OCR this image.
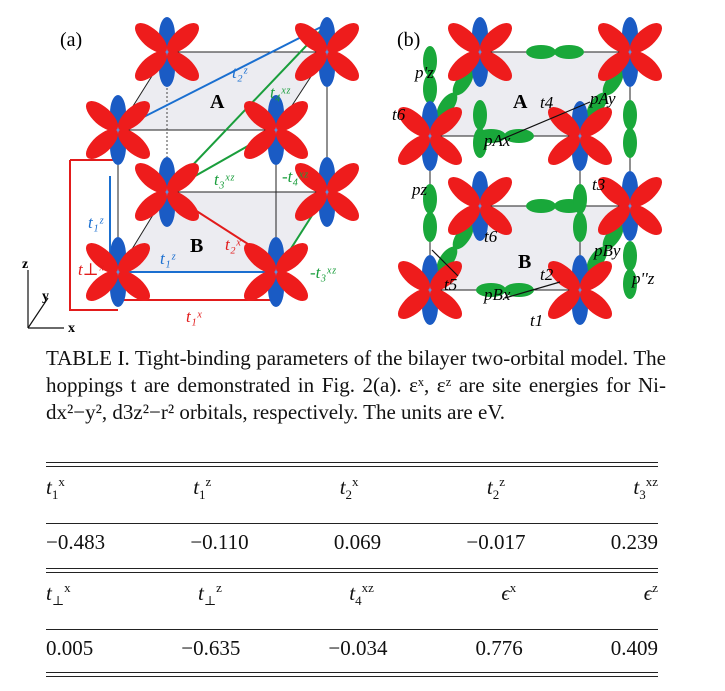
(a)
A
B
t₂ᶻ
t₄ˣᶻ
t₃ˣᶻ	-t₄ˣᶻ
t₁ᶻ
t₂ˣ
t₁ᶻ
t⊥ˣ	-t₃ˣᶻ
t₁ˣ
z
y
x
(b)
A
B
p'z
t6
t4 pAy
pAx
t3
pz
t6
pBy
p''z
t5
pBx
t2
t1
TABLE I. Tight-binding parameters of the bilayer two-orbital model. The hoppings t are demonstrated in Fig. 2(a). εˣ, εᶻ are site energies for Ni-dx²−y², d3z²−r² orbitals, respectively. The units are eV.
$t_1^x$	$t_1^z$	$t_2^x$	$t_2^z$	$t_3^{xz}$
−0.483	−0.110	0.069	−0.017	0.239
$t_\perp^x$	$t_\perp^z$	$t_4^{xz}$	$\epsilon^x$	$\epsilon^z$
0.005	−0.635	−0.034	0.776	0.409
